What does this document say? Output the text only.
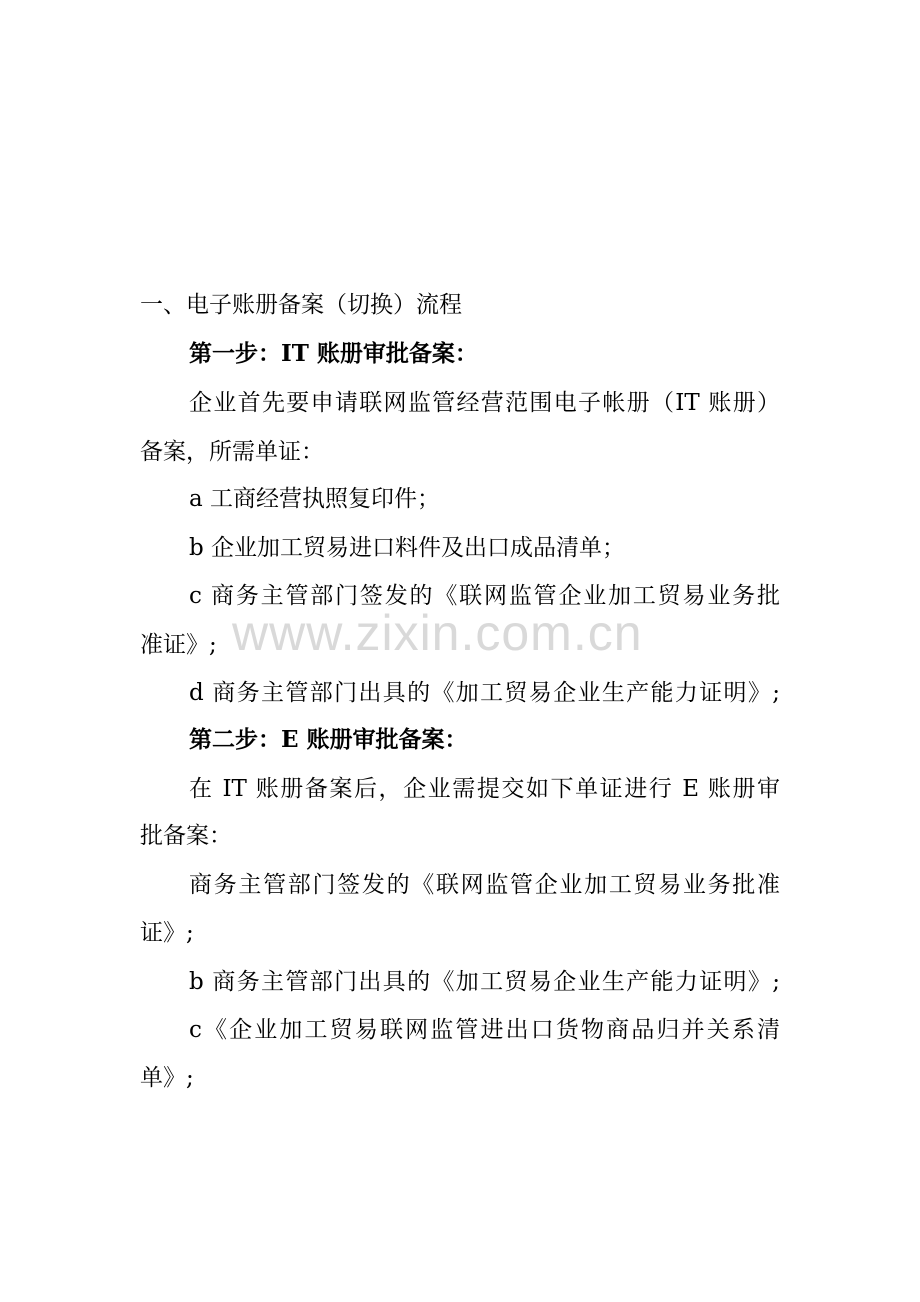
一、电子账册备案（切换）流程
第一步：IT 账册审批备案：
企业首先要申请联网监管经营范围电子帐册（IT 账册）
备案，所需单证：
a 工商经营执照复印件；
b 企业加工贸易进口料件及出口成品清单；
c 商务主管部门签发的《联网监管企业加工贸易业务批
准证》;
d 商务主管部门出具的《加工贸易企业生产能力证明》;
第二步：E 账册审批备案：
在 IT 账册备案后，企业需提交如下单证进行 E 账册审
批备案：
商务主管部门签发的《联网监管企业加工贸易业务批准
证》;
b 商务主管部门出具的《加工贸易企业生产能力证明》;
c《企业加工贸易联网监管进出口货物商品归并关系清
单》;
www.zixin.com.cn
